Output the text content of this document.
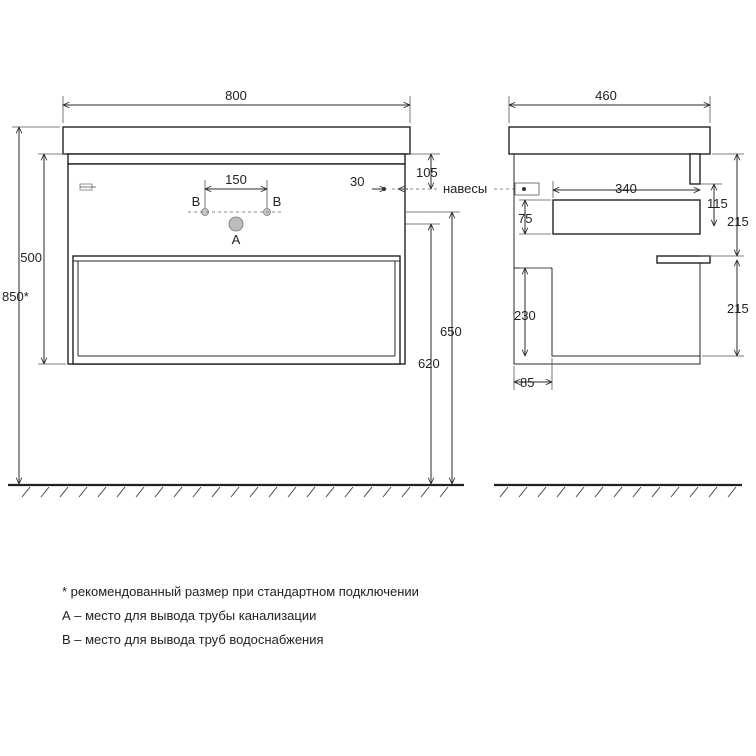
800
150
B	B
А
500
850*
105
30	навесы
650
620
460
340
75
230
85
115
215
215
* рекомендованный размер при стандартном подключении
А – место для вывода трубы канализации
В – место для вывода труб водоснабжения
